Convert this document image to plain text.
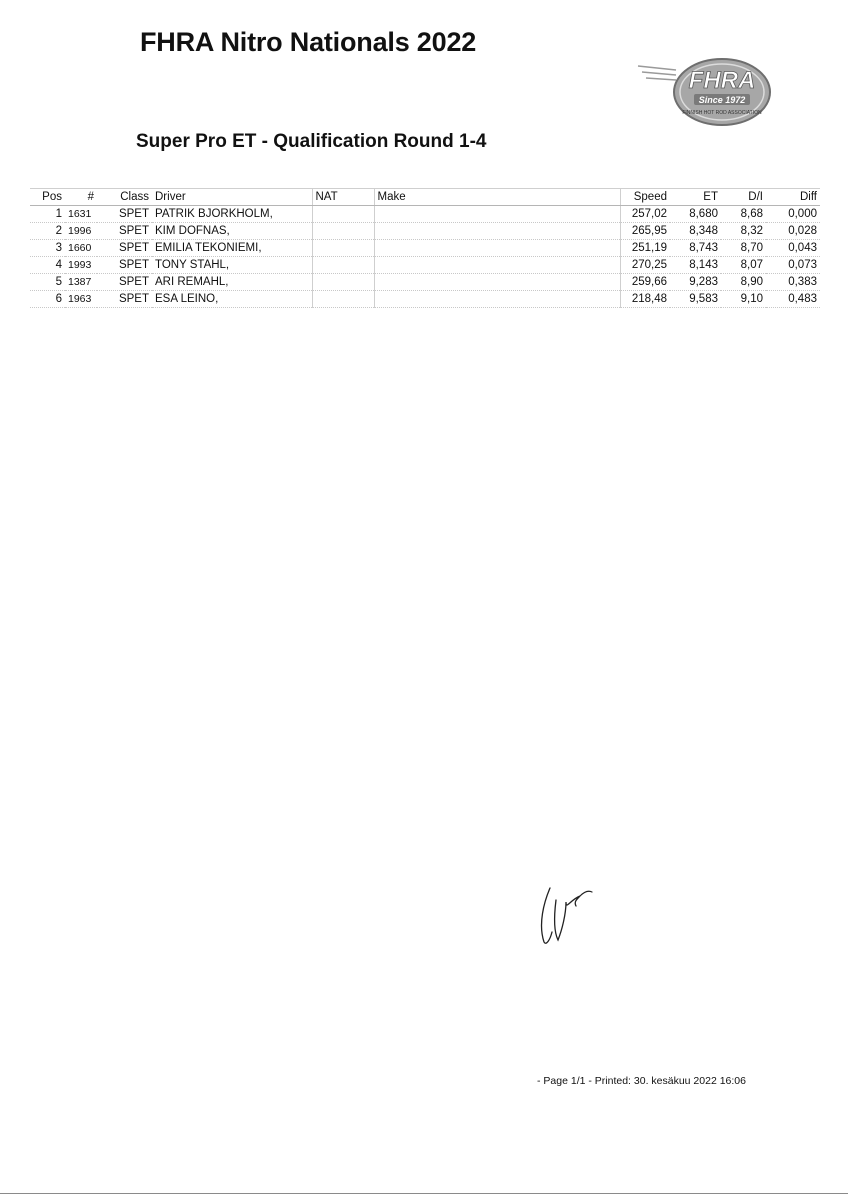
FHRA Nitro Nationals 2022
FHRA
Since 1972
FINNISH HOT ROD ASSOCIATION
Super Pro ET - Qualification Round 1-4
Pos	#	Class	Driver	NAT	Make	Speed	ET	D/I	Diff
1	1631	SPET	PATRIK BJORKHOLM,			257,02	8,680	8,68	0,000
2	1996	SPET	KIM DOFNAS,			265,95	8,348	8,32	0,028
3	1660	SPET	EMILIA TEKONIEMI,			251,19	8,743	8,70	0,043
4	1993	SPET	TONY STAHL,			270,25	8,143	8,07	0,073
5	1387	SPET	ARI REMAHL,			259,66	9,283	8,90	0,383
6	1963	SPET	ESA LEINO,			218,48	9,583	9,10	0,483
- Page 1/1 - Printed: 30. kesäkuu 2022 16:06
